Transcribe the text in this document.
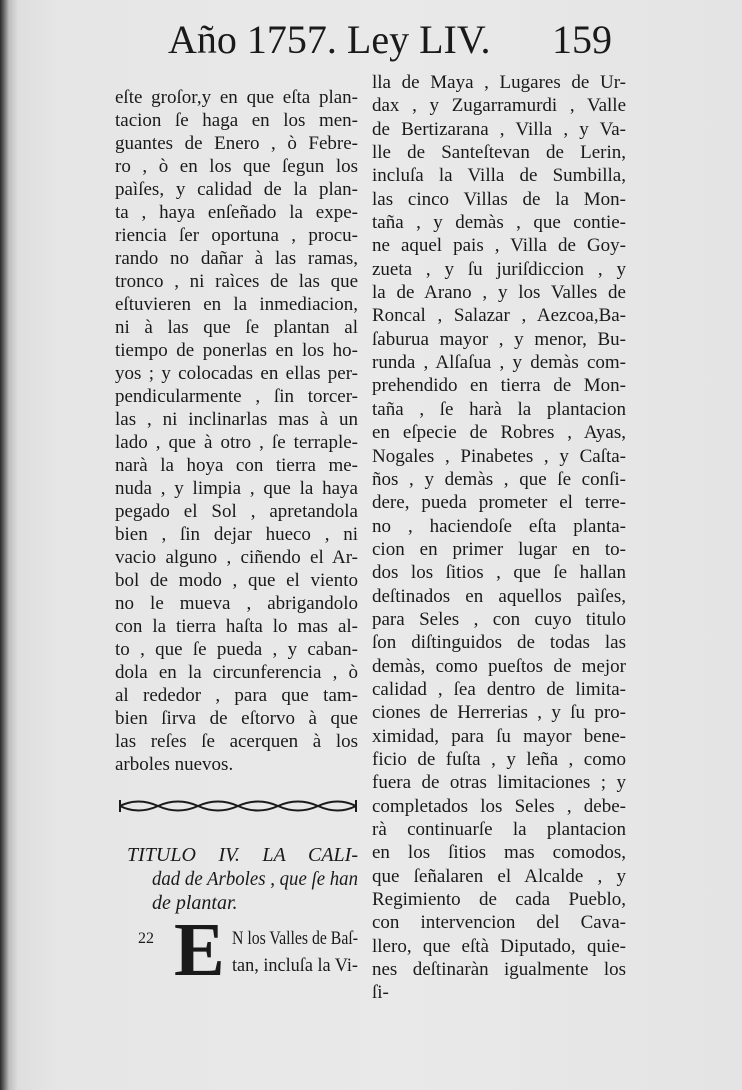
Año 1757. Ley LIV. 159
eſte groſor,y en que eſta plan-
tacion ſe haga en los men-
guantes de Enero , ò Febre-
ro , ò en los que ſegun los
paìſes, y calidad de la plan-
ta , haya enſeñado la expe-
riencia ſer oportuna , procu-
rando no dañar à las ramas,
tronco , ni raìces de las que
eſtuvieren en la inmediacion,
ni à las que ſe plantan al
tiempo de ponerlas en los ho-
yos ; y colocadas en ellas per-
pendicularmente , ſin torcer-
las , ni inclinarlas mas à un
lado , que à otro , ſe terraple-
narà la hoya con tierra me-
nuda , y limpia , que la haya
pegado el Sol , apretandola
bien , ſin dejar hueco , ni
vacio alguno , ciñendo el Ar-
bol de modo , que el viento
no le mueva , abrigandolo
con la tierra haſta lo mas al-
to , que ſe pueda , y caban-
dola en la circunferencia , ò
al rededor , para que tam-
bien ſirva de eſtorvo à que
las reſes ſe acerquen à los
arboles nuevos.
TITULO IV. LA CALI-
dad de Arboles , que ſe han
de plantar.
22 E N los Valles de Baſ-
tan, incluſa la Vi-
lla de Maya , Lugares de Ur-
dax , y Zugarramurdi , Valle
de Bertizarana , Villa , y Va-
lle de Santeſtevan de Lerin,
incluſa la Villa de Sumbilla,
las cinco Villas de la Mon-
taña , y demàs , que contie-
ne aquel pais , Villa de Goy-
zueta , y ſu juriſdiccion , y
la de Arano , y los Valles de
Roncal , Salazar , Aezcoa,Ba-
ſaburua mayor , y menor, Bu-
runda , Alſaſua , y demàs com-
prehendido en tierra de Mon-
taña , ſe harà la plantacion
en eſpecie de Robres , Ayas,
Nogales , Pinabetes , y Caſta-
ños , y demàs , que ſe conſi-
dere, pueda prometer el terre-
no , haciendoſe eſta planta-
cion en primer lugar en to-
dos los ſitios , que ſe hallan
deſtinados en aquellos paìſes,
para Seles , con cuyo titulo
ſon diſtinguidos de todas las
demàs, como pueſtos de mejor
calidad , ſea dentro de limita-
ciones de Herrerias , y ſu pro-
ximidad, para ſu mayor bene-
ficio de fuſta , y leña , como
fuera de otras limitaciones ; y
completados los Seles , debe-
rà continuarſe la plantacion
en los ſitios mas comodos,
que ſeñalaren el Alcalde , y
Regimiento de cada Pueblo,
con intervencion del Cava-
llero, que eſtà Diputado, quie-
nes deſtinaràn igualmente los
ſi-
